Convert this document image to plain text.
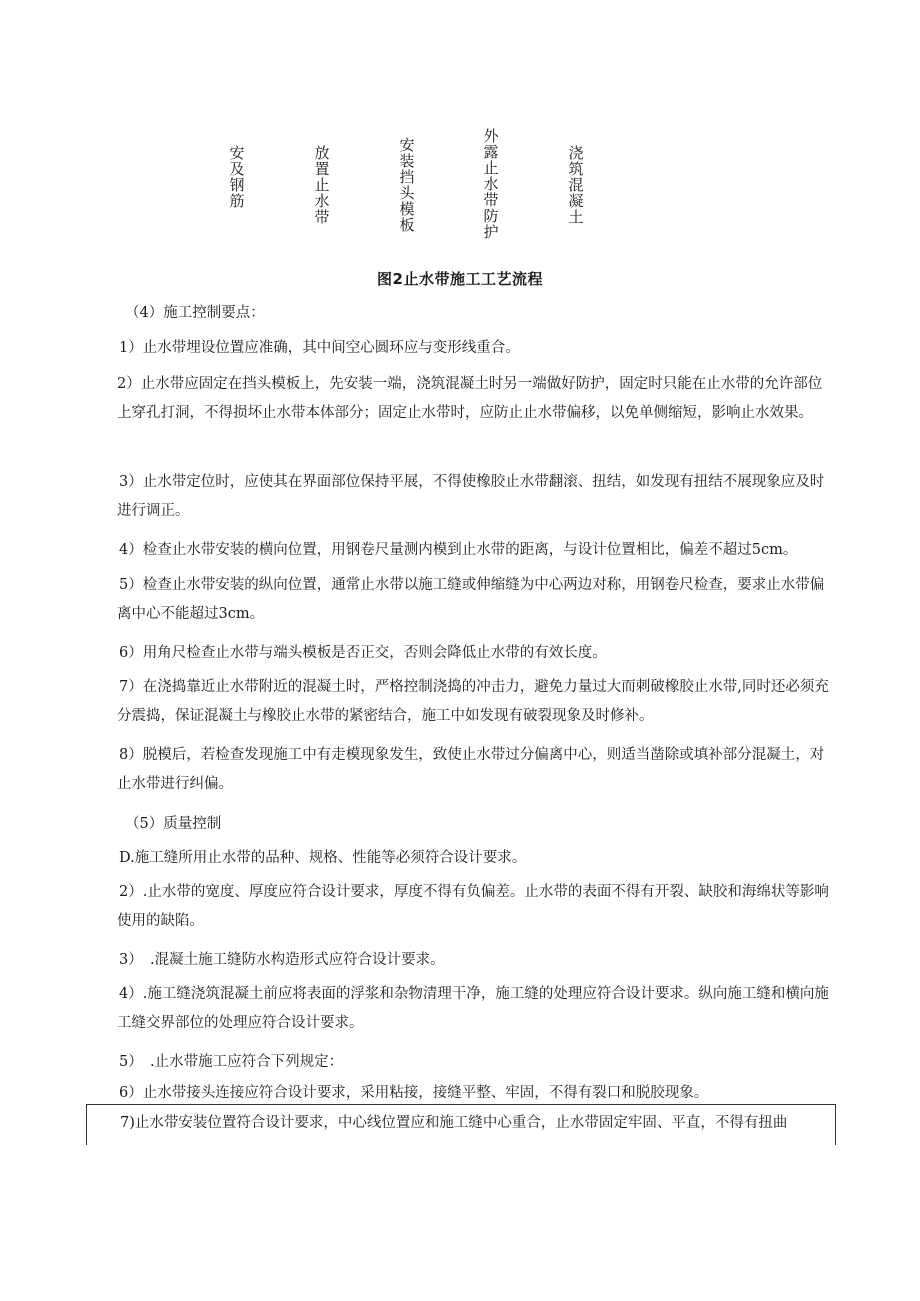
安及钢筋
放置止水带
安装挡头模板
外露止水带防护
浇筑混凝土
图2止水带施工工艺流程
（4）施工控制要点：
1）止水带埋设位置应准确，其中间空心圆环应与变形线重合。
2）止水带应固定在挡头模板上，先安装一端，浇筑混凝土时另一端做好防护，固定时只能在止水带的允许部位上穿孔打洞，不得损坏止水带本体部分；固定止水带时，应防止止水带偏移，以免单侧缩短，影响止水效果。
3）止水带定位时，应使其在界面部位保持平展，不得使橡胶止水带翻滚、扭结，如发现有扭结不展现象应及时进行调正。
4）检查止水带安装的横向位置，用钢卷尺量测内模到止水带的距离，与设计位置相比，偏差不超过5cm。
5）检查止水带安装的纵向位置，通常止水带以施工缝或伸缩缝为中心两边对称，用钢卷尺检查，要求止水带偏离中心不能超过3cm。
6）用角尺检查止水带与端头模板是否正交，否则会降低止水带的有效长度。
7）在浇捣靠近止水带附近的混凝土时，严格控制浇捣的冲击力，避免力量过大而刺破橡胶止水带,同时还必须充分震捣，保证混凝土与橡胶止水带的紧密结合，施工中如发现有破裂现象及时修补。
8）脱模后，若检查发现施工中有走模现象发生，致使止水带过分偏离中心，则适当凿除或填补部分混凝土，对止水带进行纠偏。
（5）质量控制
D.施工缝所用止水带的品种、规格、性能等必须符合设计要求。
2）.止水带的宽度、厚度应符合设计要求，厚度不得有负偏差。止水带的表面不得有开裂、缺胶和海绵状等影响使用的缺陷。
3）　.混凝土施工缝防水构造形式应符合设计要求。
4）.施工缝浇筑混凝土前应将表面的浮浆和杂物清理干净，施工缝的处理应符合设计要求。纵向施工缝和横向施工缝交界部位的处理应符合设计要求。
5）　.止水带施工应符合下列规定：
6）止水带接头连接应符合设计要求，采用粘接，接缝平整、牢固，不得有裂口和脱胶现象。
7)止水带安装位置符合设计要求，中心线位置应和施工缝中心重合，止水带固定牢固、平直，不得有扭曲
